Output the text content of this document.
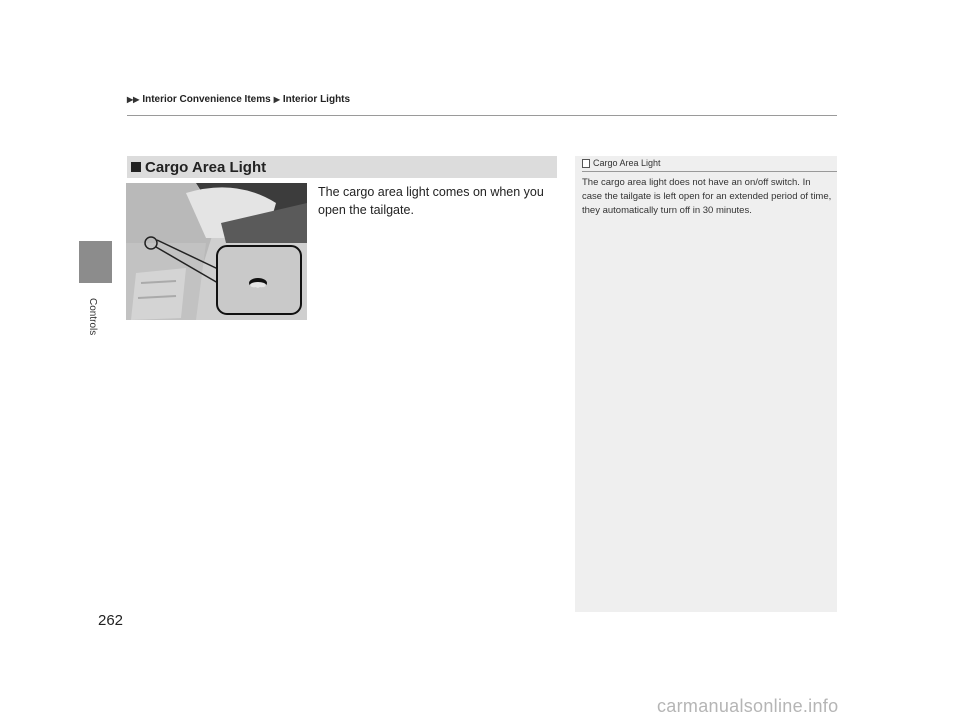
▶▶ Interior Convenience Items ▶ Interior Lights
Controls
Cargo Area Light
The cargo area light comes on when you open the tailgate.
Cargo Area Light
The cargo area light does not have an on/off switch. In case the tailgate is left open for an extended period of time, they automatically turn off in 30 minutes.
262
carmanualsonline.info
